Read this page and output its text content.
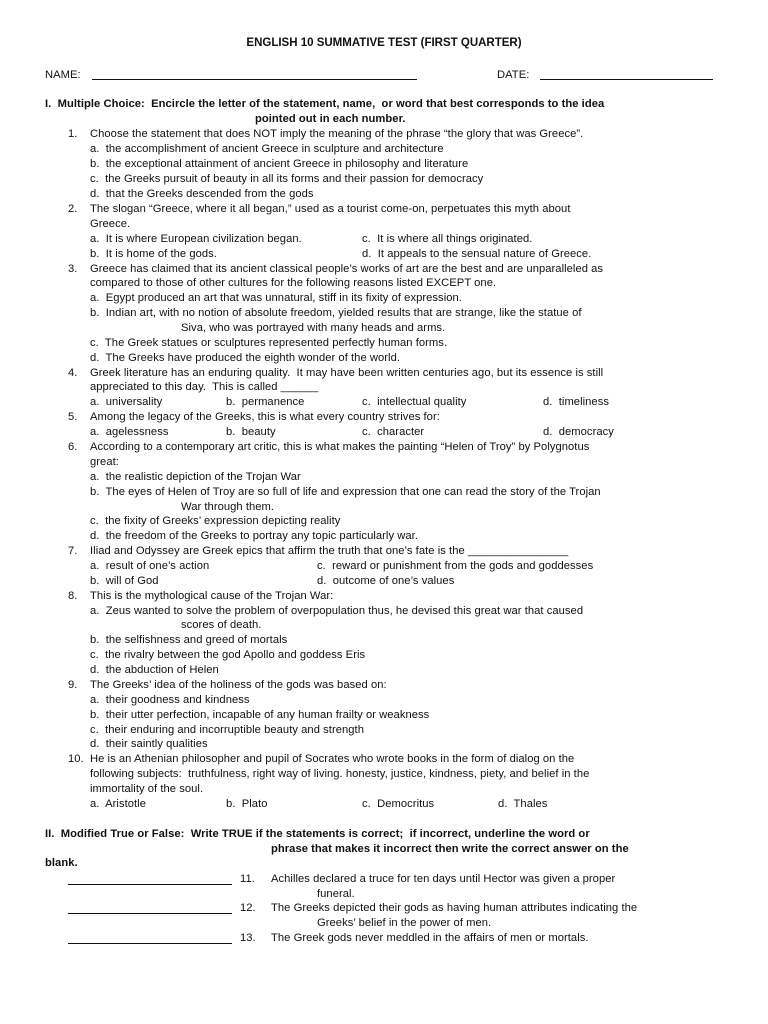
ENGLISH 10 SUMMATIVE TEST (FIRST QUARTER)
NAME:	DATE:
I.  Multiple Choice:  Encircle the letter of the statement, name,  or word that best corresponds to the idea
pointed out in each number.
1. Choose the statement that does NOT imply the meaning of the phrase “the glory that was Greece”.
a.  the accomplishment of ancient Greece in sculpture and architecture
b.  the exceptional attainment of ancient Greece in philosophy and literature
c.  the Greeks pursuit of beauty in all its forms and their passion for democracy
d.  that the Greeks descended from the gods
2. The slogan “Greece, where it all began,” used as a tourist come-on, perpetuates this myth about
Greece.
a.  It is where European civilization began.	c.  It is where all things originated.
b.  It is home of the gods.	d.  It appeals to the sensual nature of Greece.
3. Greece has claimed that its ancient classical people’s works of art are the best and are unparalleled as
compared to those of other cultures for the following reasons listed EXCEPT one.
a.  Egypt produced an art that was unnatural, stiff in its fixity of expression.
b.  Indian art, with no notion of absolute freedom, yielded results that are strange, like the statue of
Siva, who was portrayed with many heads and arms.
c.  The Greek statues or sculptures represented perfectly human forms.
d.  The Greeks have produced the eighth wonder of the world.
4. Greek literature has an enduring quality.  It may have been written centuries ago, but its essence is still
appreciated to this day.  This is called ______
a.  universality	b.  permanence	c.  intellectual quality	d.  timeliness
5. Among the legacy of the Greeks, this is what every country strives for:
a.  agelessness	b.  beauty	c.  character	d.  democracy
6. According to a contemporary art critic, this is what makes the painting “Helen of Troy” by Polygnotus
great:
a.  the realistic depiction of the Trojan War
b.  The eyes of Helen of Troy are so full of life and expression that one can read the story of the Trojan
War through them.
c.  the fixity of Greeks’ expression depicting reality
d.  the freedom of the Greeks to portray any topic particularly war.
7. Iliad and Odyssey are Greek epics that affirm the truth that one’s fate is the ________________
a.  result of one’s action	c.  reward or punishment from the gods and goddesses
b.  will of God	d.  outcome of one’s values
8. This is the mythological cause of the Trojan War:
a.  Zeus wanted to solve the problem of overpopulation thus, he devised this great war that caused
scores of death.
b.  the selfishness and greed of mortals
c.  the rivalry between the god Apollo and goddess Eris
d.  the abduction of Helen
9. The Greeks’ idea of the holiness of the gods was based on:
a.  their goodness and kindness
b.  their utter perfection, incapable of any human frailty or weakness
c.  their enduring and incorruptible beauty and strength
d.  their saintly qualities
10. He is an Athenian philosopher and pupil of Socrates who wrote books in the form of dialog on the
following subjects:  truthfulness, right way of living. honesty, justice, kindness, piety, and belief in the
immortality of the soul.
a.  Aristotle	b.  Plato	c.  Democritus	d.  Thales
II.  Modified True or False:  Write TRUE if the statements is correct;  if incorrect, underline the word or
phrase that makes it incorrect then write the correct answer on the
blank.
11. Achilles declared a truce for ten days until Hector was given a proper
funeral.
12. The Greeks depicted their gods as having human attributes indicating the
Greeks’ belief in the power of men.
13. The Greek gods never meddled in the affairs of men or mortals.
